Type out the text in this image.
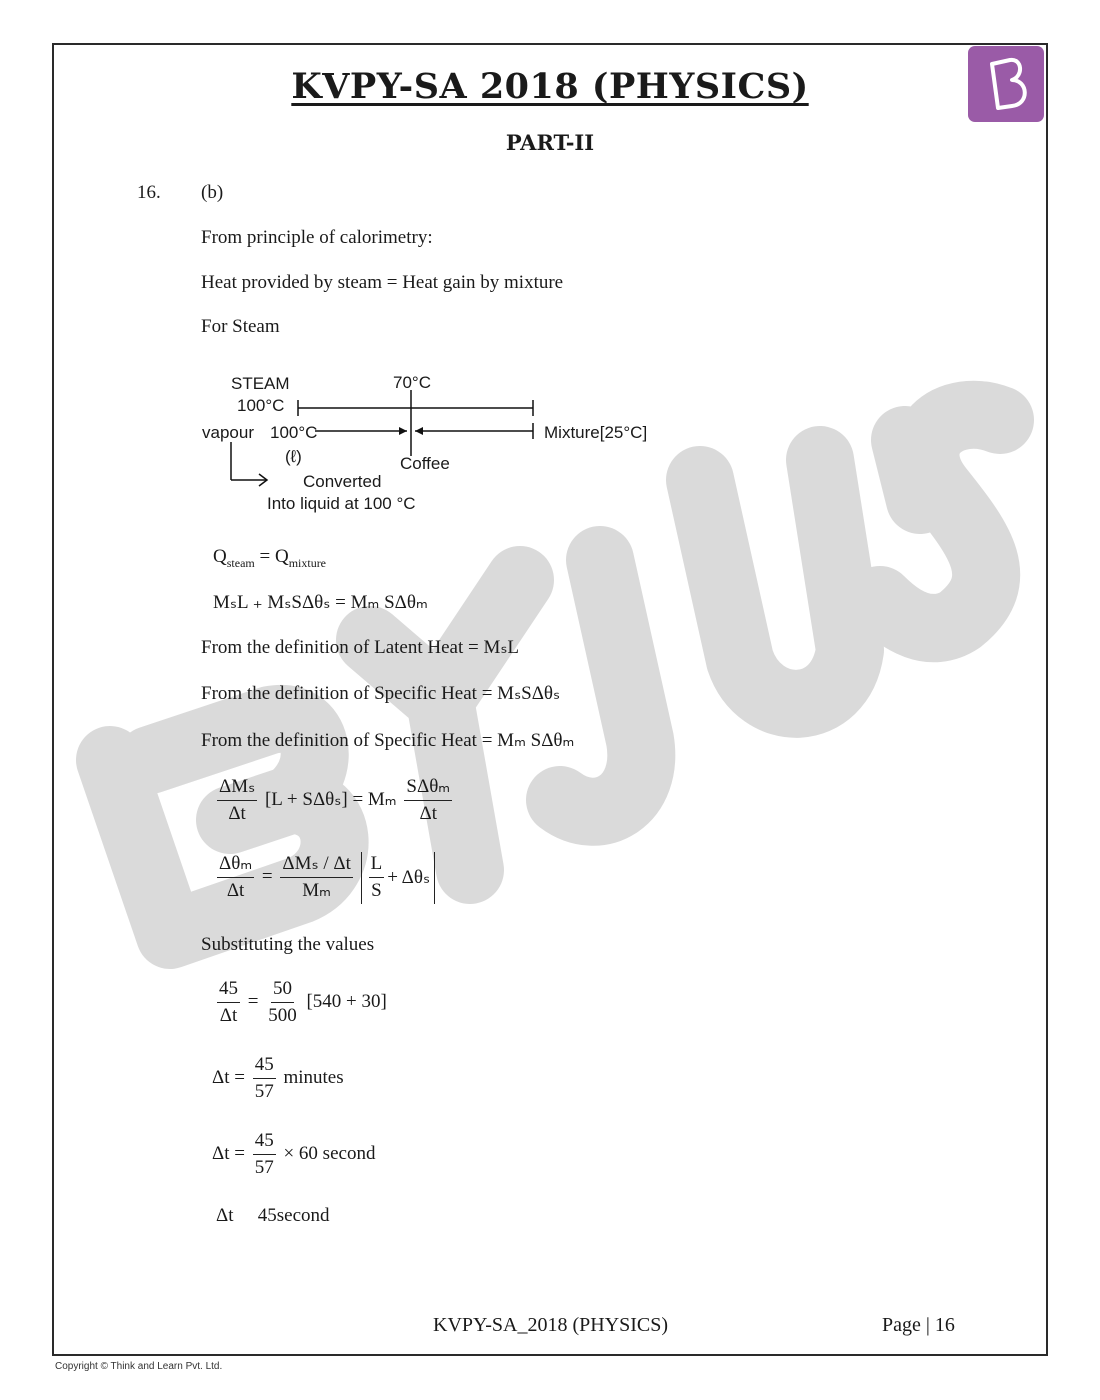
KVPY-SA 2018 (PHYSICS)
PART-II
16. (b)
From principle of calorimetry:
Heat provided by steam = Heat gain by mixture
For Steam
STEAM
100°C
70°C
vapour 100°C	Mixture[25°C]
(ℓ)	Coffee
Converted
Into liquid at 100 °C
$Q_{steam} = Q_{mixture}$
MₛL ₊ MₛSΔθₛ = Mₘ SΔθₘ
From the definition of Latent Heat = MₛL
From the definition of Specific Heat = MₛSΔθₛ
From the definition of Specific Heat = Mₘ SΔθₘ
$\frac{\text{ΔMₛ}}{\Delta t} [L + S\Delta\theta_s] = M_m \frac{\text{SΔθₘ}}{\Delta t}$
$\frac{\text{Δθₘ}}{\Delta t} = \frac{\text{ΔMₛ / Δt}}{\text{Mₘ}}$
$\frac{L}{S} + \Delta\theta_s$
Substituting the values
$\frac{45}{\Delta t} = \frac{50}{500} [540 + 30]$
$\Delta t = \frac{45}{57}$ minutes
$\Delta t = \frac{45}{57} \times 60$ second
Δt ⃞ 45second
KVPY-SA_2018 (PHYSICS)	Page | 16
Copyright © Think and Learn Pvt. Ltd.
